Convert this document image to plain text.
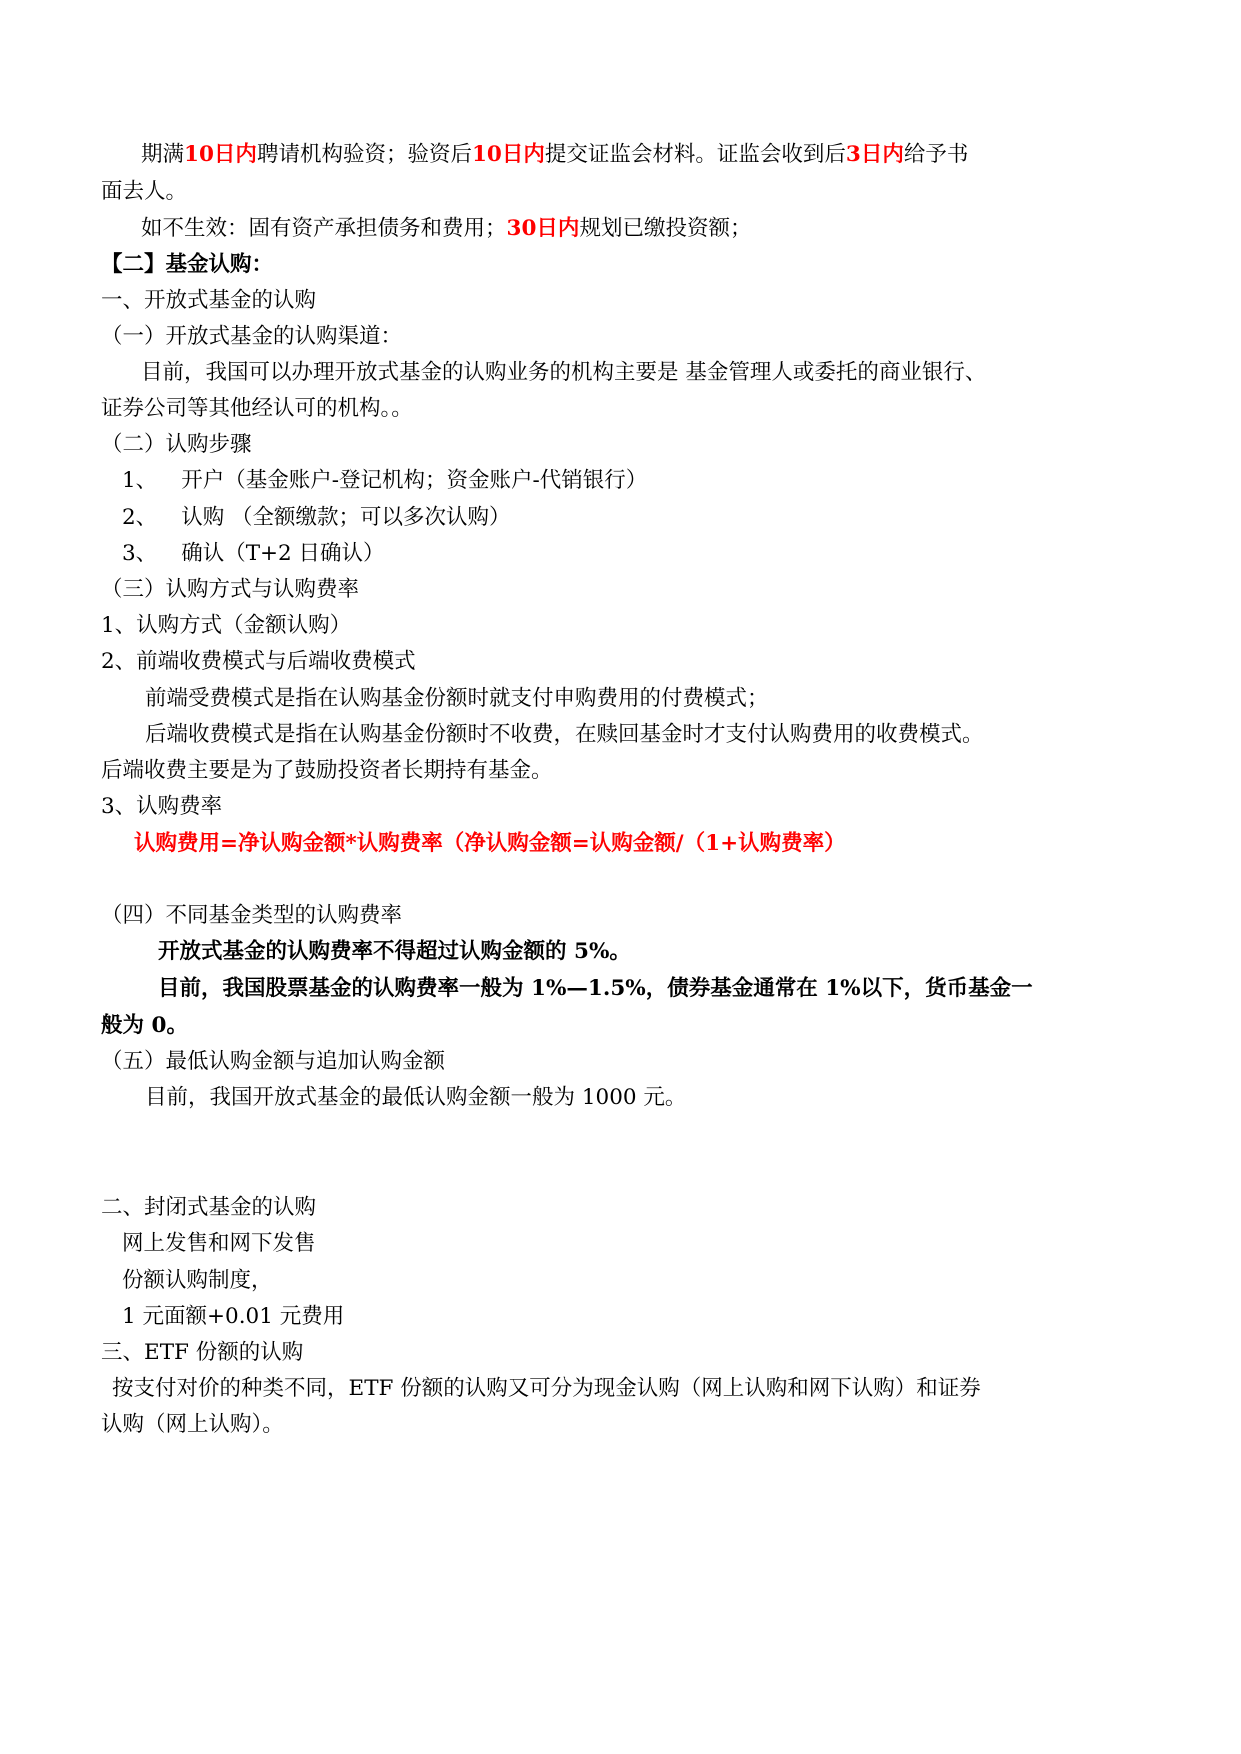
期满10日内聘请机构验资；验资后10日内提交证监会材料。证监会收到后3日内给予书
面去人。
如不生效：固有资产承担债务和费用；30日内规划已缴投资额；
【二】基金认购：
一、开放式基金的认购
（一）开放式基金的认购渠道：
目前，我国可以办理开放式基金的认购业务的机构主要是 基金管理人或委托的商业银行、
证券公司等其他经认可的机构。。
（二）认购步骤
1、 开户（基金账户-登记机构；资金账户-代销银行）
2、 认购 （全额缴款；可以多次认购）
3、 确认（T+2 日确认）
（三）认购方式与认购费率
1、认购方式（金额认购）
2、前端收费模式与后端收费模式
前端受费模式是指在认购基金份额时就支付申购费用的付费模式；
后端收费模式是指在认购基金份额时不收费，在赎回基金时才支付认购费用的收费模式。
后端收费主要是为了鼓励投资者长期持有基金。
3、认购费率
认购费用=净认购金额*认购费率（净认购金额=认购金额/（1+认购费率）
（四）不同基金类型的认购费率
开放式基金的认购费率不得超过认购金额的 5%。
目前，我国股票基金的认购费率一般为 1%—1.5%，债券基金通常在 1%以下，货币基金一
般为 0。
（五）最低认购金额与追加认购金额
目前，我国开放式基金的最低认购金额一般为 1000 元。
二、封闭式基金的认购
网上发售和网下发售
份额认购制度，
1 元面额+0.01 元费用
三、ETF 份额的认购
按支付对价的种类不同，ETF 份额的认购又可分为现金认购（网上认购和网下认购）和证券
认购（网上认购）。
